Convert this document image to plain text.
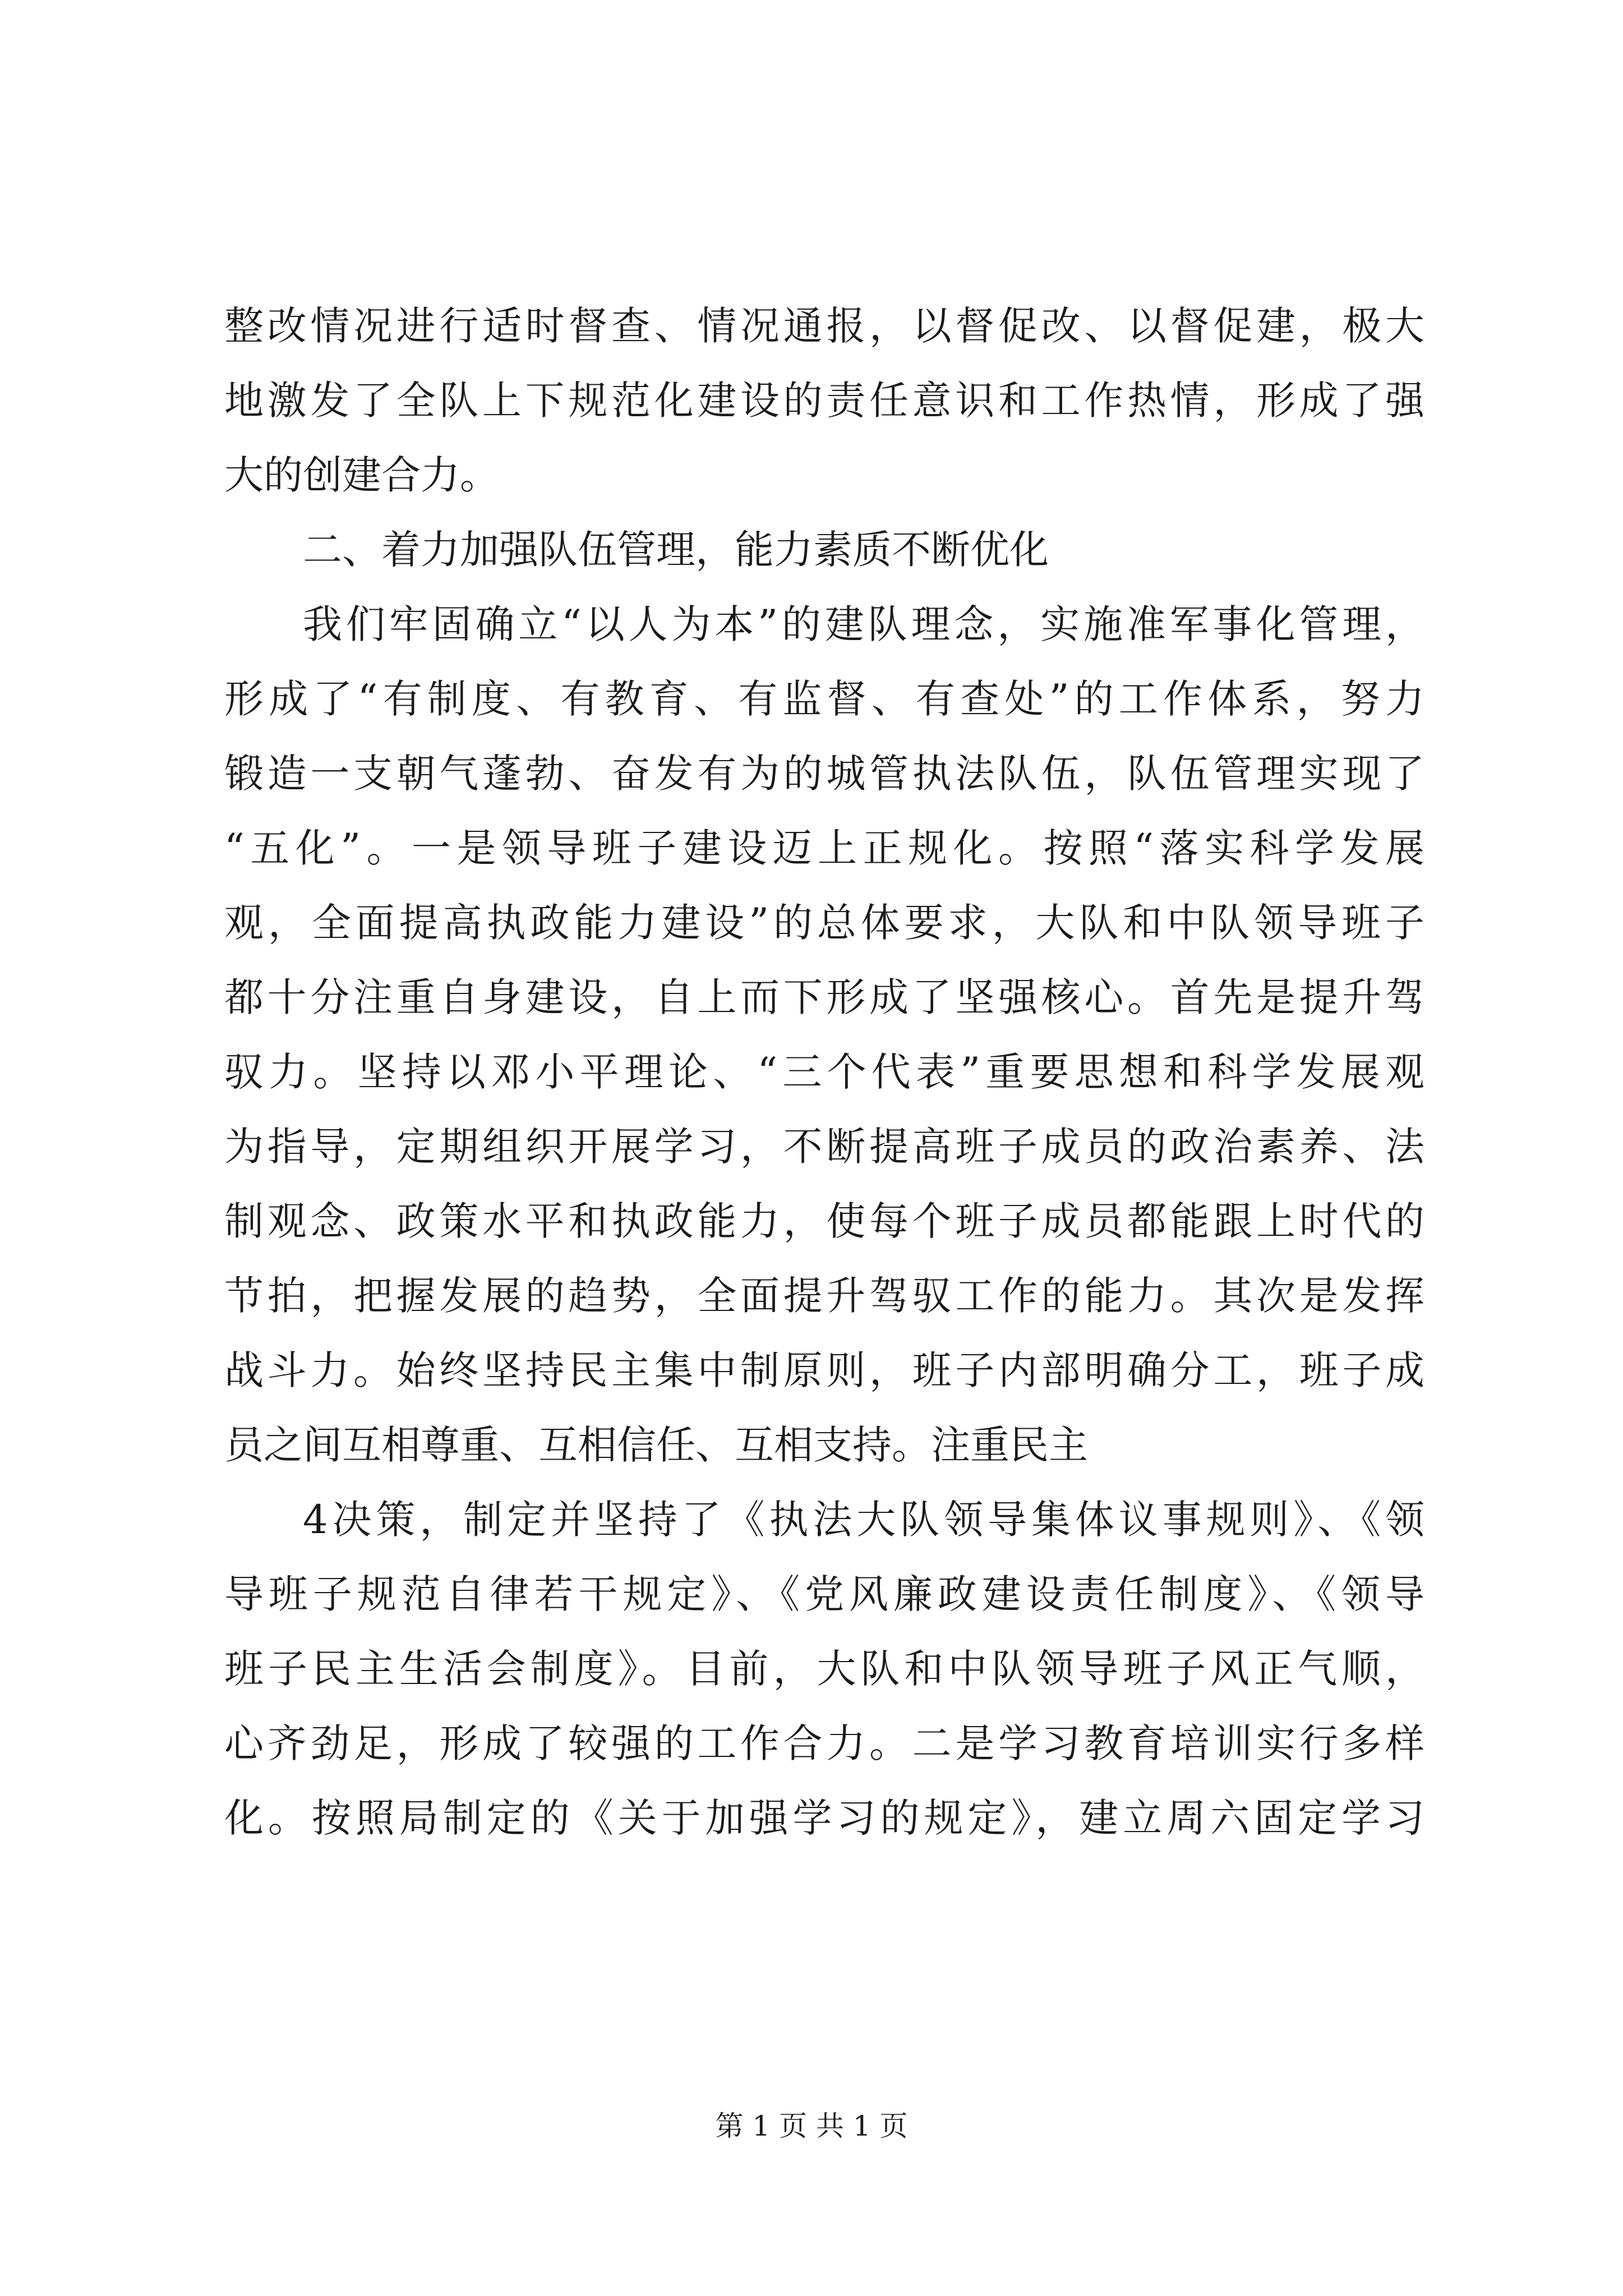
整改情况进行适时督查、情况通报，以督促改、以督促建，极大
地激发了全队上下规范化建设的责任意识和工作热情，形成了强
大的创建合力。
二、着力加强队伍管理，能力素质不断优化
我们牢固确立“以人为本”的建队理念，实施准军事化管理，
形成了“有制度、有教育、有监督、有查处”的工作体系，努力
锻造一支朝气蓬勃、奋发有为的城管执法队伍，队伍管理实现了
“五化”。一是领导班子建设迈上正规化。按照“落实科学发展
观，全面提高执政能力建设”的总体要求，大队和中队领导班子
都十分注重自身建设，自上而下形成了坚强核心。首先是提升驾
驭力。坚持以邓小平理论、“三个代表”重要思想和科学发展观
为指导，定期组织开展学习，不断提高班子成员的政治素养、法
制观念、政策水平和执政能力，使每个班子成员都能跟上时代的
节拍，把握发展的趋势，全面提升驾驭工作的能力。其次是发挥
战斗力。始终坚持民主集中制原则，班子内部明确分工，班子成
员之间互相尊重、互相信任、互相支持。注重民主
4决策，制定并坚持了《执法大队领导集体议事规则》、《领
导班子规范自律若干规定》、《党风廉政建设责任制度》、《领导
班子民主生活会制度》。目前，大队和中队领导班子风正气顺，
心齐劲足，形成了较强的工作合力。二是学习教育培训实行多样
化。按照局制定的《关于加强学习的规定》，建立周六固定学习
第 1 页 共 1 页
